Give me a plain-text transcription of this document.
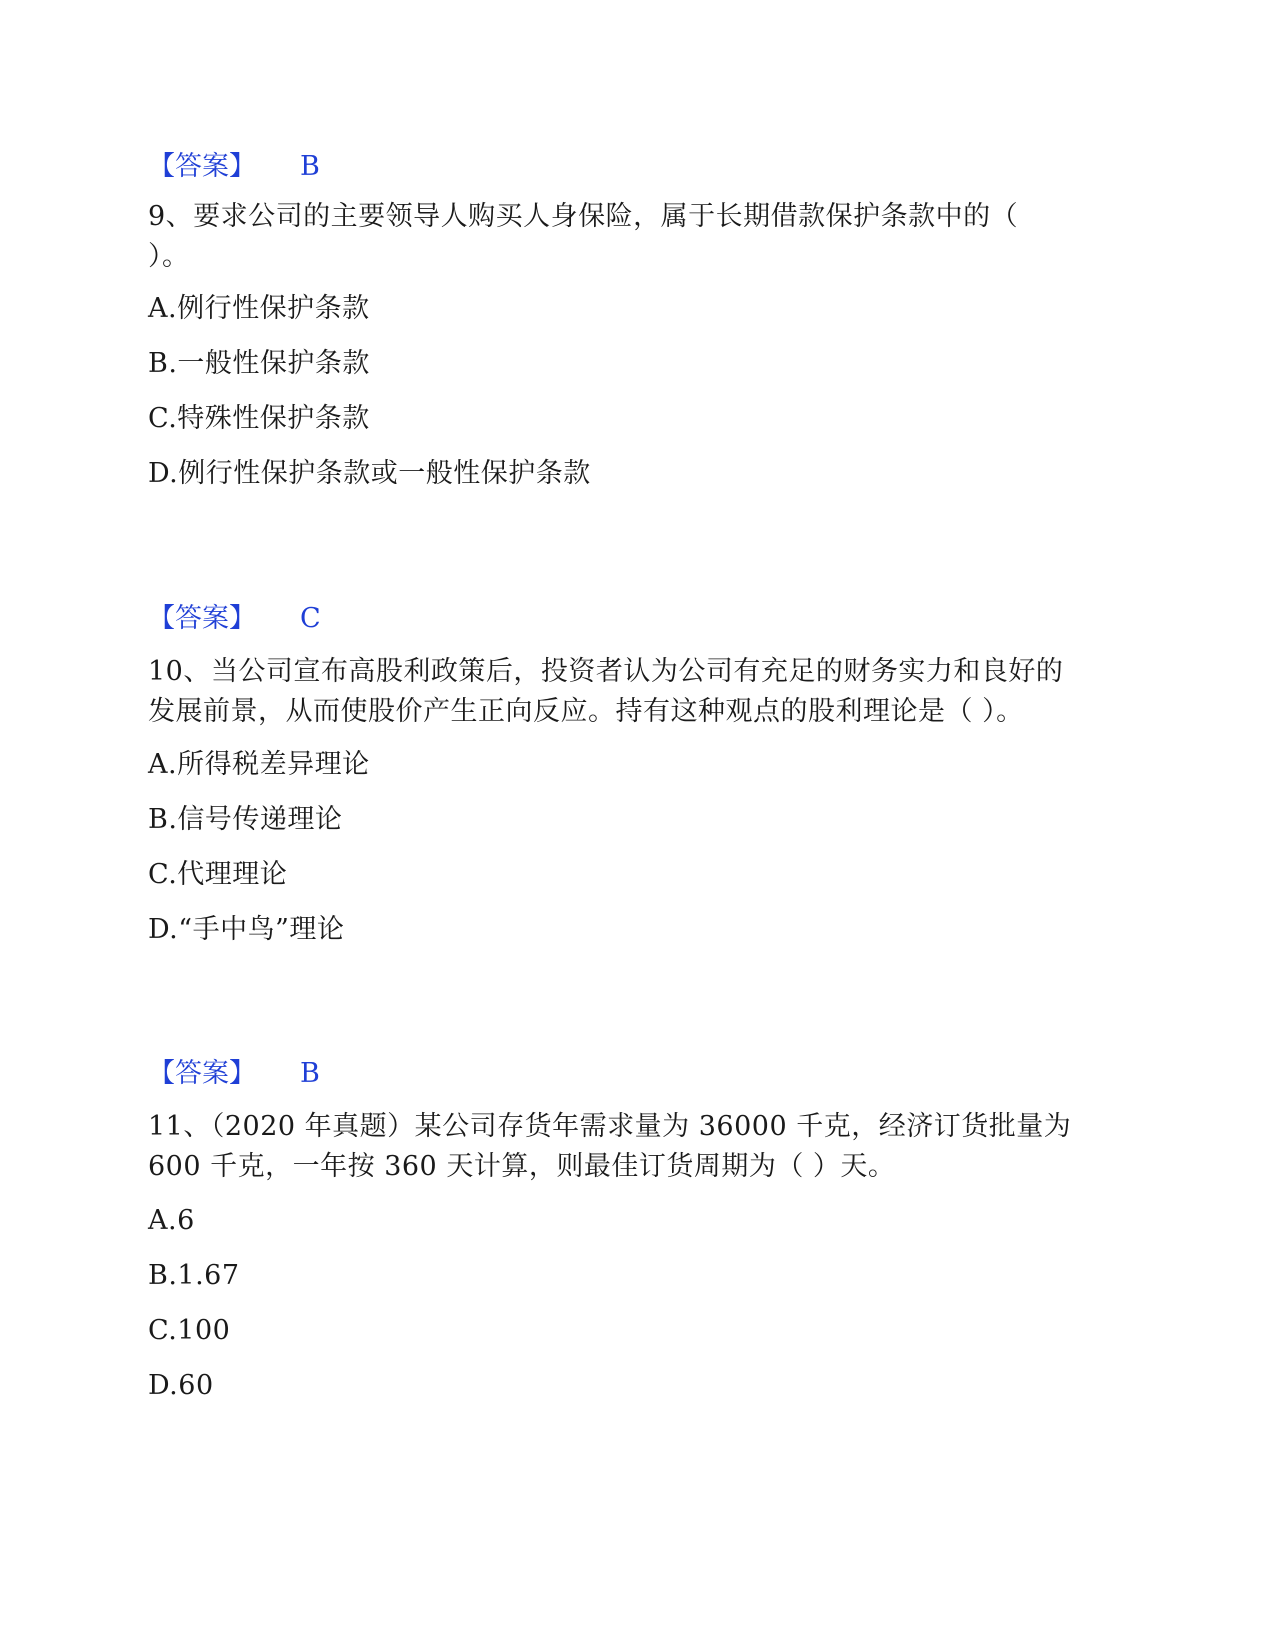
【答案】 B
9、要求公司的主要领导人购买人身保险，属于长期借款保护条款中的（
）。
A.例行性保护条款
B.一般性保护条款
C.特殊性保护条款
D.例行性保护条款或一般性保护条款
【答案】 C
10、当公司宣布高股利政策后，投资者认为公司有充足的财务实力和良好的
发展前景，从而使股价产生正向反应。持有这种观点的股利理论是（ ）。
A.所得税差异理论
B.信号传递理论
C.代理理论
D.“手中鸟”理论
【答案】 B
11、（2020 年真题）某公司存货年需求量为 36000 千克，经济订货批量为
600 千克，一年按 360 天计算，则最佳订货周期为（ ）天。
A.6
B.1.67
C.100
D.60
